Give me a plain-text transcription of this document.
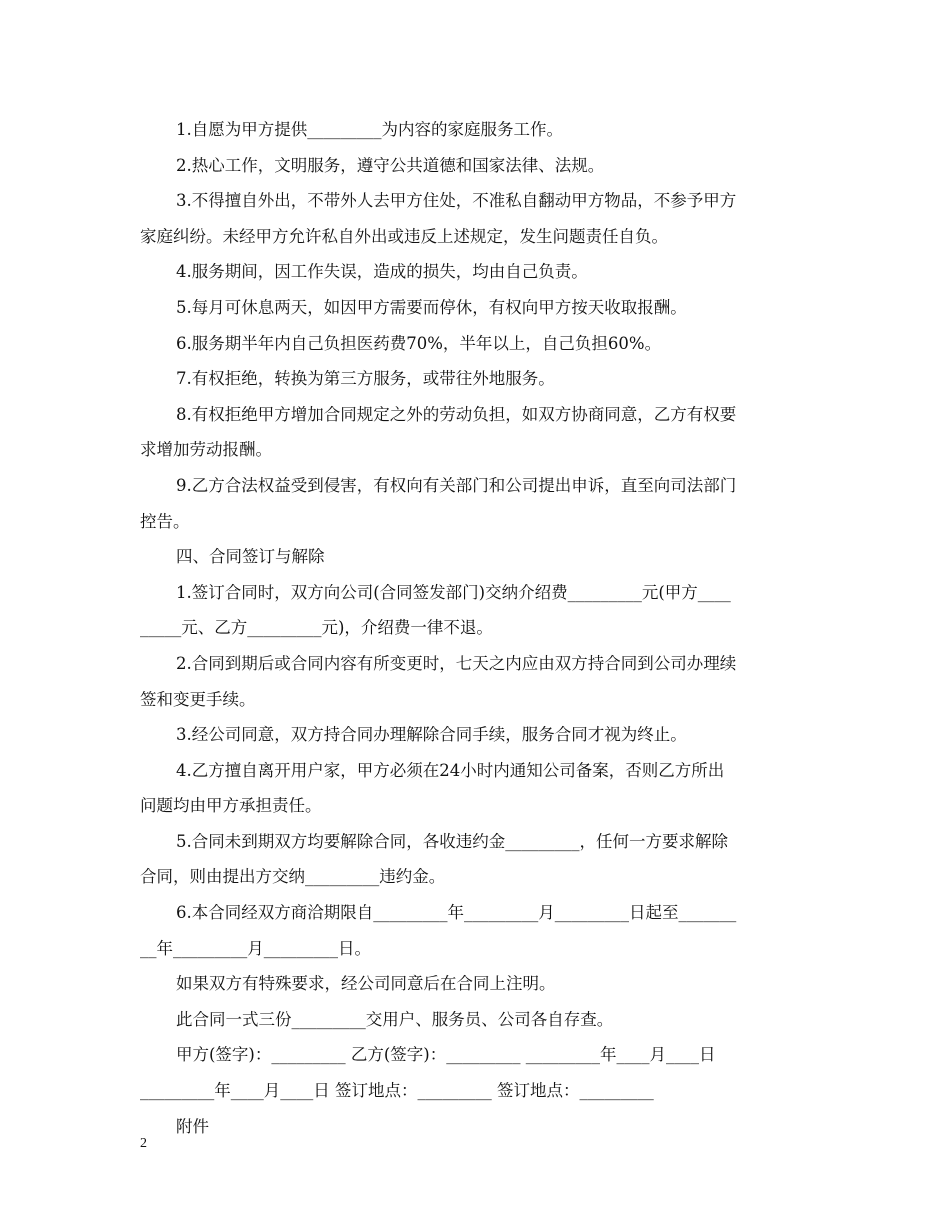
1.自愿为甲方提供_________为内容的家庭服务工作。
2.热心工作，文明服务，遵守公共道德和国家法律、法规。
3.不得擅自外出，不带外人去甲方住处，不准私自翻动甲方物品，不参予甲方
家庭纠纷。未经甲方允许私自外出或违反上述规定，发生问题责任自负。
4.服务期间，因工作失误，造成的损失，均由自己负责。
5.每月可休息两天，如因甲方需要而停休，有权向甲方按天收取报酬。
6.服务期半年内自己负担医药费70%，半年以上，自己负担60%。
7.有权拒绝，转换为第三方服务，或带往外地服务。
8.有权拒绝甲方增加合同规定之外的劳动负担，如双方协商同意，乙方有权要
求增加劳动报酬。
9.乙方合法权益受到侵害，有权向有关部门和公司提出申诉，直至向司法部门
控告。
四、合同签订与解除
1.签订合同时，双方向公司(合同签发部门)交纳介绍费_________元(甲方____
_____元、乙方_________元)，介绍费一律不退。
2.合同到期后或合同内容有所变更时，七天之内应由双方持合同到公司办理续
签和变更手续。
3.经公司同意，双方持合同办理解除合同手续，服务合同才视为终止。
4.乙方擅自离开用户家，甲方必须在24小时内通知公司备案，否则乙方所出
问题均由甲方承担责任。
5.合同未到期双方均要解除合同，各收违约金_________，任何一方要求解除
合同，则由提出方交纳_________违约金。
6.本合同经双方商洽期限自_________年_________月_________日起至_______
__年_________月_________日。
如果双方有特殊要求，经公司同意后在合同上注明。
此合同一式三份_________交用户、服务员、公司各自存查。
甲方(签字)：_________ 乙方(签字)：_________ _________年____月____日
_________年____月____日 签订地点：_________ 签订地点：_________
附件
2
